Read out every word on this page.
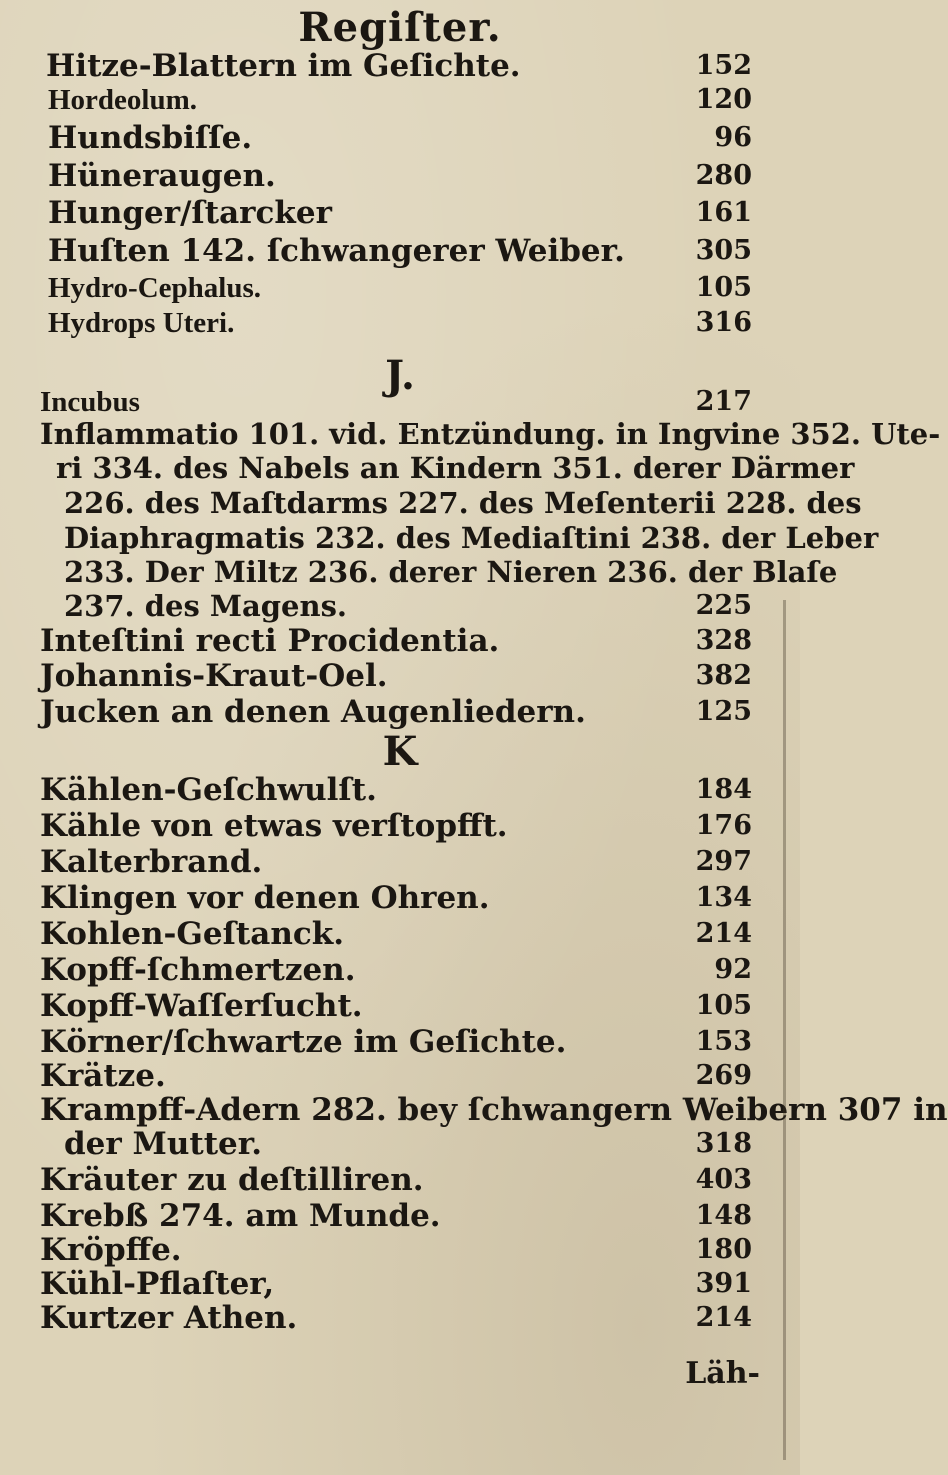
Regiſter.
Hitze-Blattern im Geſichte.	152
Hordeolum.	120
Hundsbiſſe.	96
Hüneraugen.	280
Hunger/ſtarcker	161
Huſten 142. ſchwangerer Weiber.	305
Hydro-Cephalus.	105
Hydrops Uteri.	316
J.
Incubus	217
Inflammatio 101. vid. Entzündung. in Ingvine 352. Ute-
ri 334. des Nabels an Kindern 351. derer Därmer
226. des Maſtdarms 227. des Meſenterii 228. des
Diaphragmatis 232. des Mediaſtini 238. der Leber
233. Der Miltz 236. derer Nieren 236. der Blaſe
237. des Magens.	225
Inteſtini recti Procidentia.	328
Johannis-Kraut-Oel.	382
Jucken an denen Augenliedern.	125
K
Kählen-Geſchwulſt.	184
Kähle von etwas verſtopfft.	176
Kalterbrand.	297
Klingen vor denen Ohren.	134
Kohlen-Geſtanck.	214
Kopff-ſchmertzen.	92
Kopff-Waſſerſucht.	105
Körner/ſchwartze im Geſichte.	153
Krätze.	269
Krampff-Adern 282. bey ſchwangern Weibern 307 in
der Mutter.	318
Kräuter zu deſtilliren.	403
Krebß 274. am Munde.	148
Kröpffe.	180
Kühl-Pflaſter,	391
Kurtzer Athen.	214
Läh-
